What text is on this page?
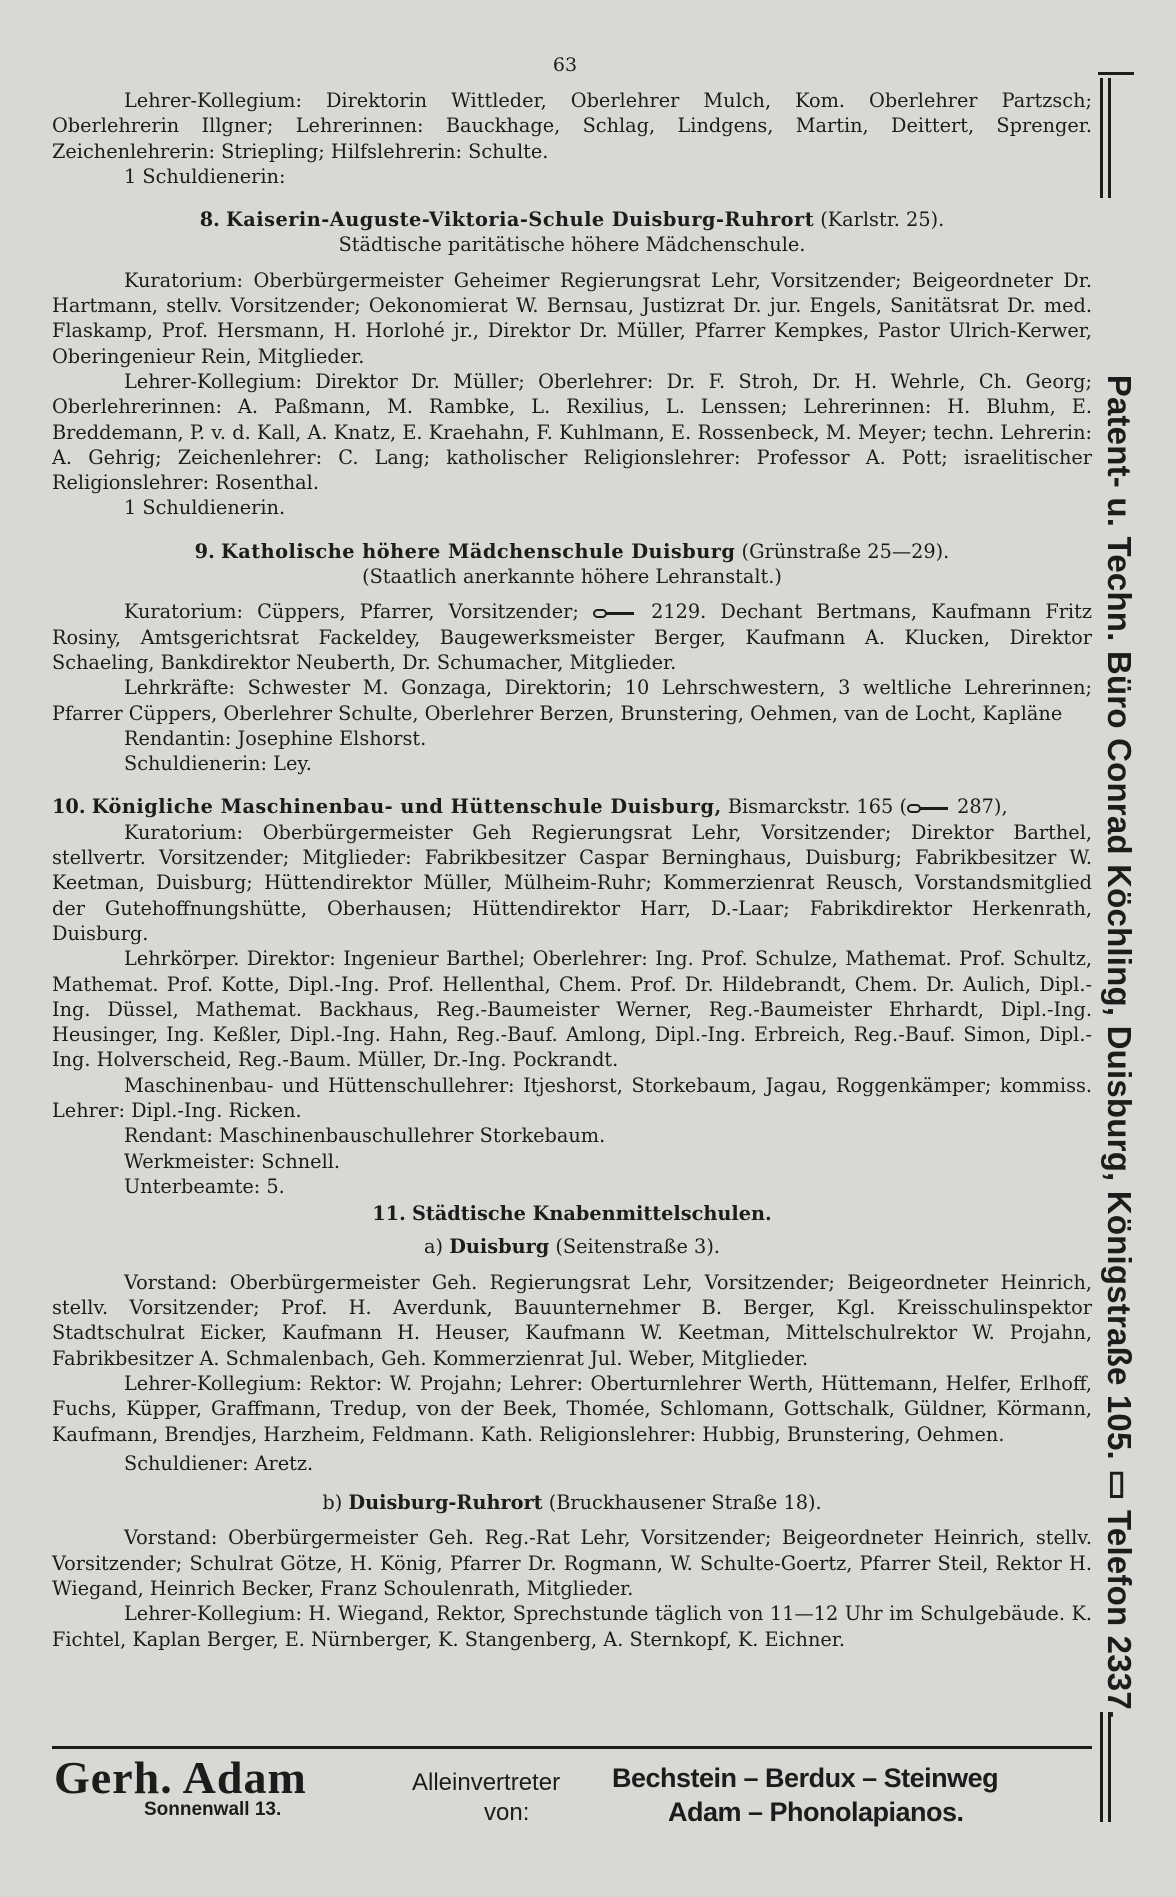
63

Lehrer-Kollegium: Direktorin Wittleder, Oberlehrer Mulch, Kom. Oberlehrer Partzsch; Oberlehrerin Illgner; Lehrerinnen: Bauckhage, Schlag, Lindgens, Martin, Deittert, Sprenger. Zeichenlehrerin: Striepling; Hilfslehrerin: Schulte.

1 Schuldienerin:

8. Kaiserin-Auguste-Viktoria-Schule Duisburg-Ruhrort (Karlstr. 25).

Städtische paritätische höhere Mädchenschule.

Kuratorium: Oberbürgermeister Geheimer Regierungsrat Lehr, Vorsitzender; Beigeordneter Dr. Hartmann, stellv. Vorsitzender; Oekonomierat W. Bernsau, Justizrat Dr. jur. Engels, Sanitätsrat Dr. med. Flaskamp, Prof. Hersmann, H. Horlohé jr., Direktor Dr. Müller, Pfarrer Kempkes, Pastor Ulrich-Kerwer, Oberingenieur Rein, Mitglieder.

Lehrer-Kollegium: Direktor Dr. Müller; Oberlehrer: Dr. F. Stroh, Dr. H. Wehrle, Ch. Georg; Oberlehrerinnen: A. Paßmann, M. Rambke, L. Rexilius, L. Lenssen; Lehrerinnen: H. Bluhm, E. Breddemann, P. v. d. Kall, A. Knatz, E. Kraehahn, F. Kuhlmann, E. Rossenbeck, M. Meyer; techn. Lehrerin: A. Gehrig; Zeichenlehrer: C. Lang; katholischer Religionslehrer: Professor A. Pott; israelitischer Religionslehrer: Rosenthal.

1 Schuldienerin.

9. Katholische höhere Mädchenschule Duisburg (Grünstraße 25—29).

(Staatlich anerkannte höhere Lehranstalt.)

Kuratorium: Cüppers, Pfarrer, Vorsitzender;	2129. Dechant Bertmans, Kaufmann Fritz Rosiny, Amtsgerichtsrat Fackeldey, Baugewerksmeister Berger, Kaufmann A. Klucken, Direktor Schaeling, Bankdirektor Neuberth, Dr. Schumacher, Mitglieder.

Lehrkräfte: Schwester M. Gonzaga, Direktorin; 10 Lehrschwestern, 3 weltliche Lehrerinnen; Pfarrer Cüppers, Oberlehrer Schulte, Oberlehrer Berzen, Brunstering, Oehmen, van de Locht, Kapläne

Rendantin: Josephine Elshorst.

Schuldienerin: Ley.

10. Königliche Maschinenbau- und Hüttenschule Duisburg, Bismarckstr. 165 (	287),

Kuratorium: Oberbürgermeister Geh Regierungsrat Lehr, Vorsitzender; Direktor Barthel, stellvertr. Vorsitzender; Mitglieder: Fabrikbesitzer Caspar Berninghaus, Duisburg; Fabrikbesitzer W. Keetman, Duisburg; Hüttendirektor Müller, Mülheim-Ruhr; Kommerzienrat Reusch, Vorstandsmitglied der Gutehoffnungshütte, Oberhausen; Hüttendirektor Harr, D.-Laar; Fabrikdirektor Herkenrath, Duisburg.

Lehrkörper. Direktor: Ingenieur Barthel; Oberlehrer: Ing. Prof. Schulze, Mathemat. Prof. Schultz, Mathemat. Prof. Kotte, Dipl.-Ing. Prof. Hellenthal, Chem. Prof. Dr. Hildebrandt, Chem. Dr. Aulich, Dipl.-Ing. Düssel, Mathemat. Backhaus, Reg.-Baumeister Werner, Reg.-Baumeister Ehrhardt, Dipl.-Ing. Heusinger, Ing. Keßler, Dipl.-Ing. Hahn, Reg.-Bauf. Amlong, Dipl.-Ing. Erbreich, Reg.-Bauf. Simon, Dipl.-Ing. Holverscheid, Reg.-Baum. Müller, Dr.-Ing. Pockrandt.

Maschinenbau- und Hüttenschullehrer: Itjeshorst, Storkebaum, Jagau, Roggenkämper; kommiss. Lehrer: Dipl.-Ing. Ricken.

Rendant: Maschinenbauschullehrer Storkebaum.

Werkmeister: Schnell.

Unterbeamte: 5.

11. Städtische Knabenmittelschulen.

a) Duisburg (Seitenstraße 3).

Vorstand: Oberbürgermeister Geh. Regierungsrat Lehr, Vorsitzender; Beigeordneter Heinrich, stellv. Vorsitzender; Prof. H. Averdunk, Bauunternehmer B. Berger, Kgl. Kreisschulinspektor Stadtschulrat Eicker, Kaufmann H. Heuser, Kaufmann W. Keetman, Mittelschulrektor W. Projahn, Fabrikbesitzer A. Schmalenbach, Geh. Kommerzienrat Jul. Weber, Mitglieder.

Lehrer-Kollegium: Rektor: W. Projahn; Lehrer: Oberturnlehrer Werth, Hüttemann, Helfer, Erlhoff, Fuchs, Küpper, Graffmann, Tredup, von der Beek, Thomée, Schlomann, Gottschalk, Güldner, Körmann, Kaufmann, Brendjes, Harzheim, Feldmann. Kath. Religionslehrer: Hubbig, Brunstering, Oehmen.

Schuldiener: Aretz.

b) Duisburg-Ruhrort (Bruckhausener Straße 18).

Vorstand: Oberbürgermeister Geh. Reg.-Rat Lehr, Vorsitzender; Beigeordneter Heinrich, stellv. Vorsitzender; Schulrat Götze, H. König, Pfarrer Dr. Rogmann, W. Schulte-Goertz, Pfarrer Steil, Rektor H. Wiegand, Heinrich Becker, Franz Schoulenrath, Mitglieder.

Lehrer-Kollegium: H. Wiegand, Rektor, Sprechstunde täglich von 11—12 Uhr im Schulgebäude. K. Fichtel, Kaplan Berger, E. Nürnberger, K. Stangenberg, A. Sternkopf, K. Eichner.

Gerh. Adam
Sonnenwall 13.
Alleinvertreter
von:
Bechstein – Berdux – Steinweg
Adam – Phonolapianos.
Patent- u. Techn. Büro Conrad Köchling, Duisburg, Königstraße 105. ▭ Telefon 2337.
